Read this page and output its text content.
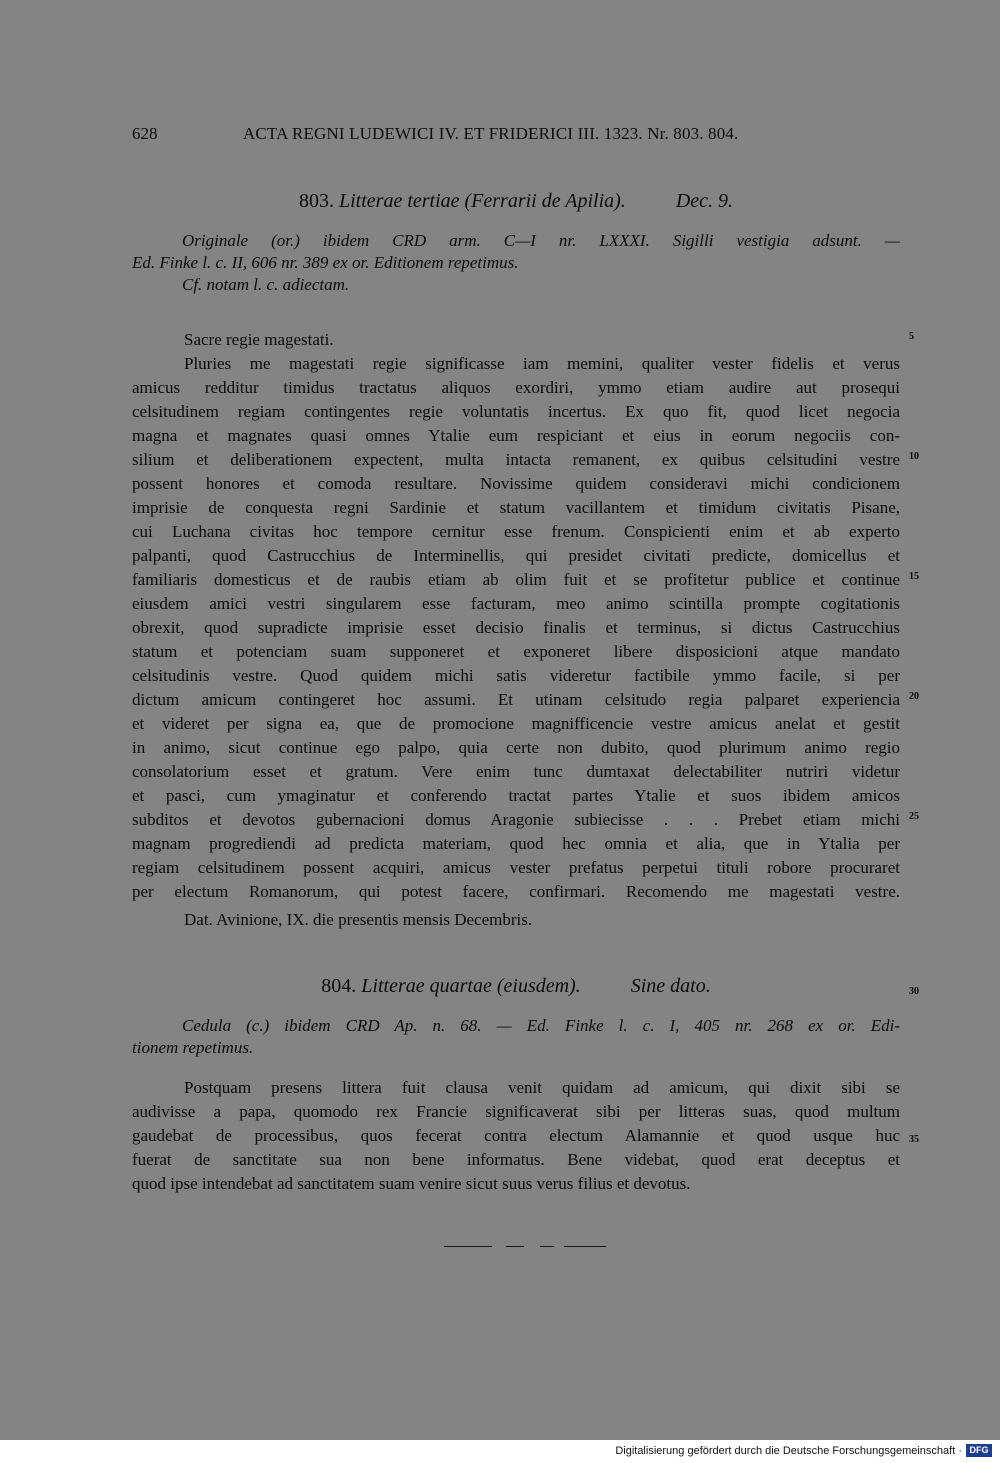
628	ACTA REGNI LUDEWICI IV. ET FRIDERICI III. 1323. Nr. 803. 804.
803. Litterae tertiae (Ferrarii de Apilia).	Dec. 9.
Originale (or.) ibidem CRD arm. C—I nr. LXXXI. Sigilli vestigia adsunt. —
Ed. Finke l. c. II, 606 nr. 389 ex or. Editionem repetimus.
Cf. notam l. c. adiectam.
Sacre regie magestati.
Pluries me magestati regie significasse iam memini, qualiter vester fidelis et verus
amicus redditur timidus tractatus aliquos exordiri, ymmo etiam audire aut prosequi
celsitudinem regiam contingentes regie voluntatis incertus. Ex quo fit, quod licet negocia
magna et magnates quasi omnes Ytalie eum respiciant et eius in eorum negociis con-
silium et deliberationem expectent, multa intacta remanent, ex quibus celsitudini vestre
possent honores et comoda resultare. Novissime quidem consideravi michi condicionem
imprisie de conquesta regni Sardinie et statum vacillantem et timidum civitatis Pisane,
cui Luchana civitas hoc tempore cernitur esse frenum. Conspicienti enim et ab experto
palpanti, quod Castrucchius de Interminellis, qui presidet civitati predicte, domicellus et
familiaris domesticus et de raubis etiam ab olim fuit et se profitetur publice et continue
eiusdem amici vestri singularem esse facturam, meo animo scintilla prompte cogitationis
obrexit, quod supradicte imprisie esset decisio finalis et terminus, si dictus Castrucchius
statum et potenciam suam supponeret et exponeret libere disposicioni atque mandato
celsitudinis vestre. Quod quidem michi satis videretur factibile ymmo facile, si per
dictum amicum contingeret hoc assumi. Et utinam celsitudo regia palparet experiencia
et videret per signa ea, que de promocione magnifficencie vestre amicus anelat et gestit
in animo, sicut continue ego palpo, quia certe non dubito, quod plurimum animo regio
consolatorium esset et gratum. Vere enim tunc dumtaxat delectabiliter nutriri videtur
et pasci, cum ymaginatur et conferendo tractat partes Ytalie et suos ibidem amicos
subditos et devotos gubernacioni domus Aragonie subiecisse . . . Prebet etiam michi
magnam progrediendi ad predicta materiam, quod hec omnia et alia, que in Ytalia per
regiam celsitudinem possent acquiri, amicus vester prefatus perpetui tituli robore procuraret
per electum Romanorum, qui potest facere, confirmari. Recomendo me magestati vestre.
Dat. Avinione, IX. die presentis mensis Decembris.
804. Litterae quartae (eiusdem).	Sine dato.
Cedula (c.) ibidem CRD Ap. n. 68. — Ed. Finke l. c. I, 405 nr. 268 ex or. Edi-
tionem repetimus.
Postquam presens littera fuit clausa venit quidam ad amicum, qui dixit sibi se
audivisse a papa, quomodo rex Francie significaverat sibi per litteras suas, quod multum
gaudebat de processibus, quos fecerat contra electum Alamannie et quod usque huc
fuerat de sanctitate sua non bene informatus. Bene videbat, quod erat deceptus et
quod ipse intendebat ad sanctitatem suam venire sicut suus verus filius et devotus.
5
10
15
20
25
30
35
Digitalisierung gefördert durch die Deutsche Forschungsgemeinschaft · DFG
